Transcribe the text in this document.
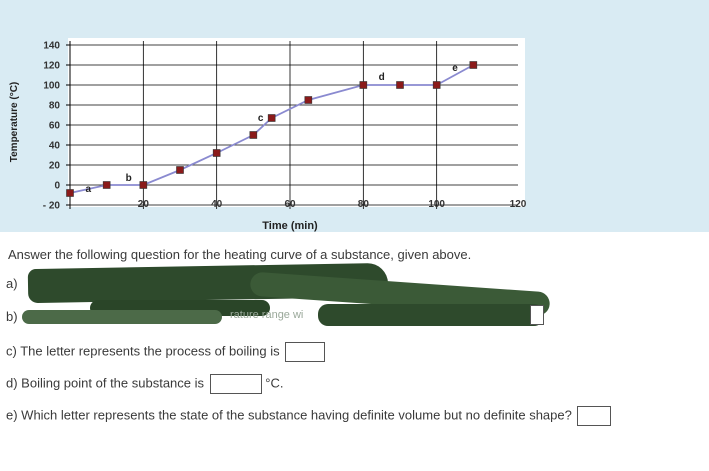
- 20
0
20
40
60
80
100
120
140
20	40	60	80	100	120
a
b
c
d
e
Temperature (°C)
Time (min)
Answer the following question for the heating curve of a substance, given above.
a)
b)	rature range wi
c) The letter represents the process of boiling is
d) Boiling point of the substance is	°C.
e) Which letter represents the state of the substance having definite volume but no definite shape?
